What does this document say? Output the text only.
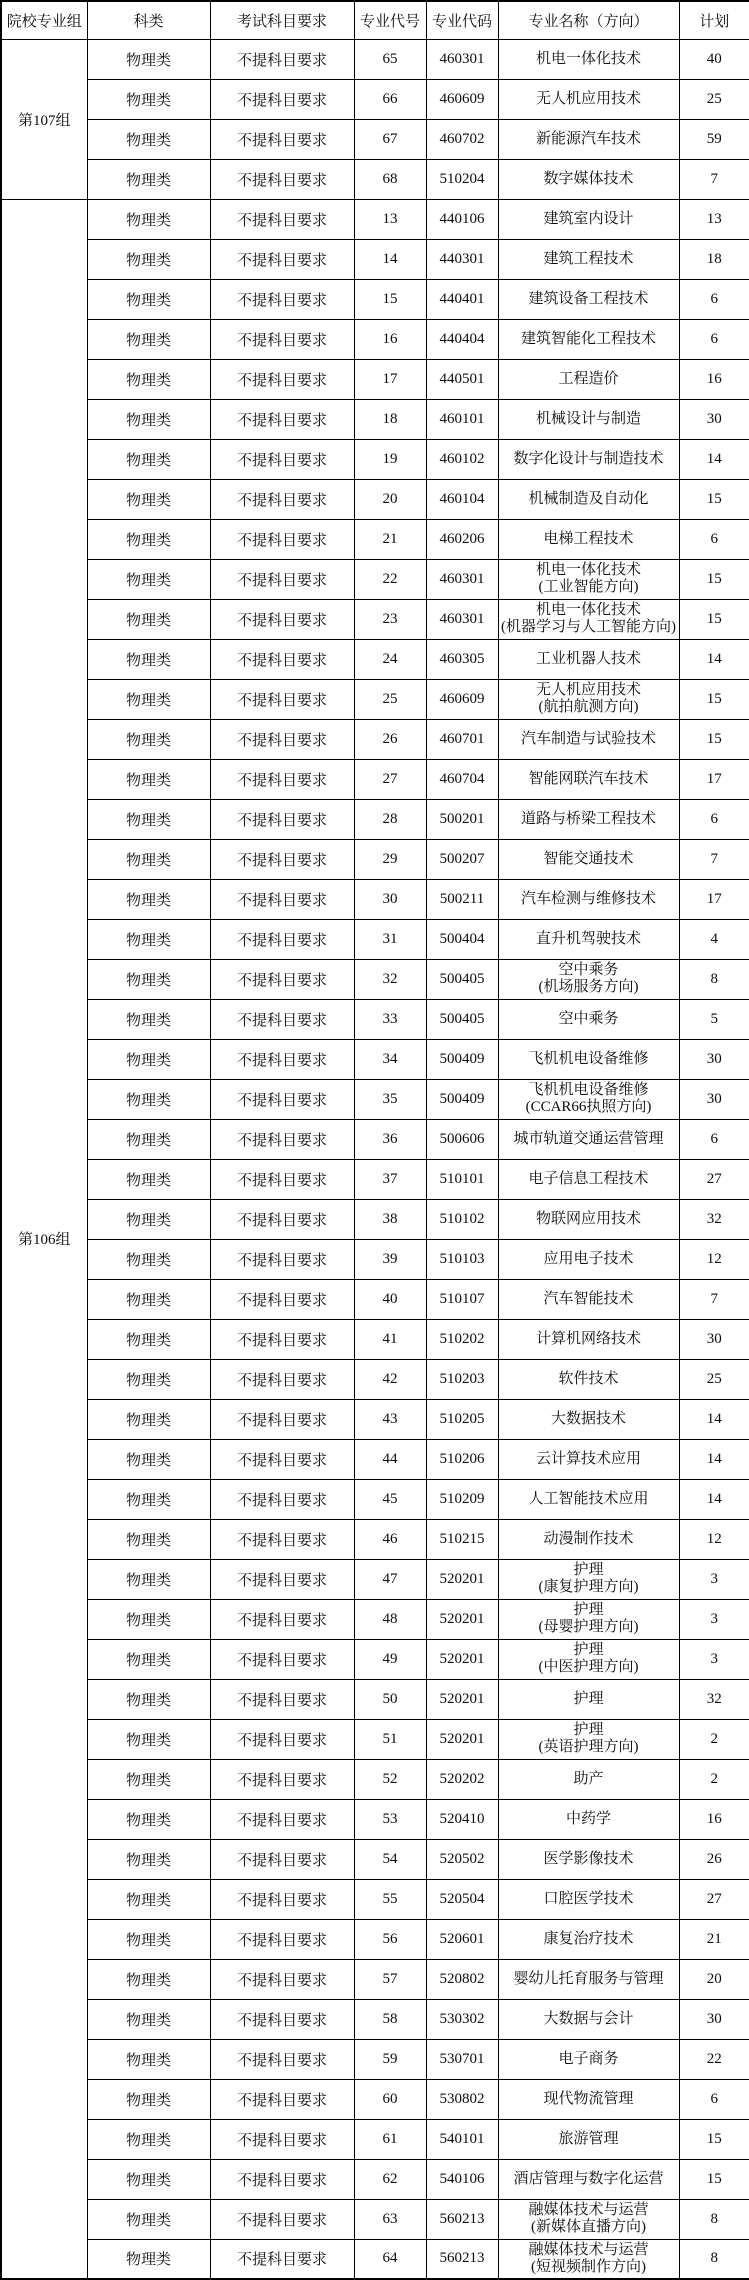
院校专业组	科类	考试科目要求	专业代号	专业代码	专业名称（方向）	计划
第107组	物理类	不提科目要求	65	460301	机电一体化技术	40
	物理类	不提科目要求	66	460609	无人机应用技术	25
	物理类	不提科目要求	67	460702	新能源汽车技术	59
	物理类	不提科目要求	68	510204	数字媒体技术	7
第106组	物理类	不提科目要求	13	440106	建筑室内设计	13
	物理类	不提科目要求	14	440301	建筑工程技术	18
	物理类	不提科目要求	15	440401	建筑设备工程技术	6
	物理类	不提科目要求	16	440404	建筑智能化工程技术	6
	物理类	不提科目要求	17	440501	工程造价	16
	物理类	不提科目要求	18	460101	机械设计与制造	30
	物理类	不提科目要求	19	460102	数字化设计与制造技术	14
	物理类	不提科目要求	20	460104	机械制造及自动化	15
	物理类	不提科目要求	21	460206	电梯工程技术	6
	物理类	不提科目要求	22	460301	机电一体化技术
(工业智能方向)	15
	物理类	不提科目要求	23	460301	机电一体化技术
(机器学习与人工智能方向)	15
	物理类	不提科目要求	24	460305	工业机器人技术	14
	物理类	不提科目要求	25	460609	无人机应用技术
(航拍航测方向)	15
	物理类	不提科目要求	26	460701	汽车制造与试验技术	15
	物理类	不提科目要求	27	460704	智能网联汽车技术	17
	物理类	不提科目要求	28	500201	道路与桥梁工程技术	6
	物理类	不提科目要求	29	500207	智能交通技术	7
	物理类	不提科目要求	30	500211	汽车检测与维修技术	17
	物理类	不提科目要求	31	500404	直升机驾驶技术	4
	物理类	不提科目要求	32	500405	空中乘务
(机场服务方向)	8
	物理类	不提科目要求	33	500405	空中乘务	5
	物理类	不提科目要求	34	500409	飞机机电设备维修	30
	物理类	不提科目要求	35	500409	飞机机电设备维修
(CCAR66执照方向)	30
	物理类	不提科目要求	36	500606	城市轨道交通运营管理	6
	物理类	不提科目要求	37	510101	电子信息工程技术	27
	物理类	不提科目要求	38	510102	物联网应用技术	32
	物理类	不提科目要求	39	510103	应用电子技术	12
	物理类	不提科目要求	40	510107	汽车智能技术	7
	物理类	不提科目要求	41	510202	计算机网络技术	30
	物理类	不提科目要求	42	510203	软件技术	25
	物理类	不提科目要求	43	510205	大数据技术	14
	物理类	不提科目要求	44	510206	云计算技术应用	14
	物理类	不提科目要求	45	510209	人工智能技术应用	14
	物理类	不提科目要求	46	510215	动漫制作技术	12
	物理类	不提科目要求	47	520201	护理
(康复护理方向)	3
	物理类	不提科目要求	48	520201	护理
(母婴护理方向)	3
	物理类	不提科目要求	49	520201	护理
(中医护理方向)	3
	物理类	不提科目要求	50	520201	护理	32
	物理类	不提科目要求	51	520201	护理
(英语护理方向)	2
	物理类	不提科目要求	52	520202	助产	2
	物理类	不提科目要求	53	520410	中药学	16
	物理类	不提科目要求	54	520502	医学影像技术	26
	物理类	不提科目要求	55	520504	口腔医学技术	27
	物理类	不提科目要求	56	520601	康复治疗技术	21
	物理类	不提科目要求	57	520802	婴幼儿托育服务与管理	20
	物理类	不提科目要求	58	530302	大数据与会计	30
	物理类	不提科目要求	59	530701	电子商务	22
	物理类	不提科目要求	60	530802	现代物流管理	6
	物理类	不提科目要求	61	540101	旅游管理	15
	物理类	不提科目要求	62	540106	酒店管理与数字化运营	15
	物理类	不提科目要求	63	560213	融媒体技术与运营
(新媒体直播方向)	8
	物理类	不提科目要求	64	560213	融媒体技术与运营
(短视频制作方向)	8
